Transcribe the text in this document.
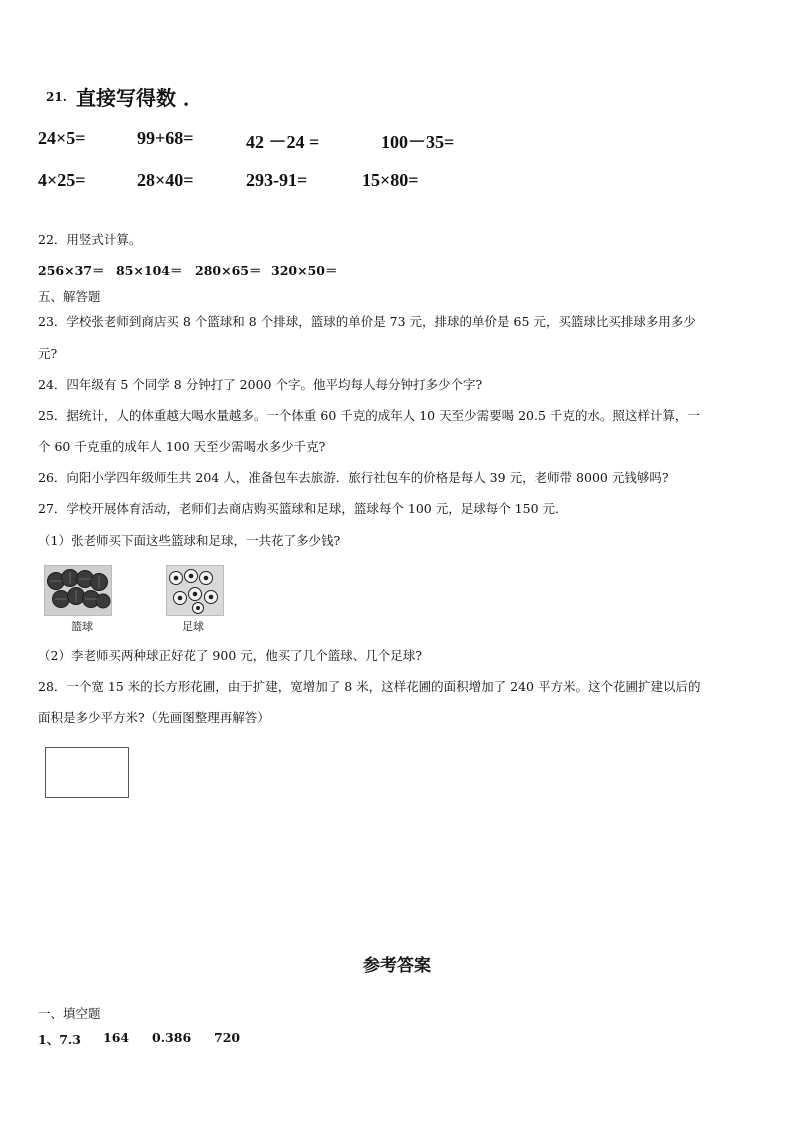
21. 直接写得数 ．
24×5=	99+68=	42 －24 =	100－35=
4×25=	28×40=	293-91=	15×80=
22．用竖式计算。
256×37＝ 85×104＝ 280×65＝ 320×50＝
五、解答题
23．学校张老师到商店买 8 个篮球和 8 个排球，篮球的单价是 73 元，排球的单价是 65 元，买篮球比买排球多用多少
元?
24．四年级有 5 个同学 8 分钟打了 2000 个字。他平均每人每分钟打多少个字?
25．据统计，人的体重越大喝水量越多。一个体重 60 千克的成年人 10 天至少需要喝 20.5 千克的水。照这样计算，一
个 60 千克重的成年人 100 天至少需喝水多少千克?
26．向阳小学四年级师生共 204 人，准备包车去旅游．旅行社包车的价格是每人 39 元，老师带 8000 元钱够吗?
27．学校开展体育活动，老师们去商店购买篮球和足球，篮球每个 100 元，足球每个 150 元．
（1）张老师买下面这些篮球和足球，一共花了多少钱?
篮球	足球
（2）李老师买两种球正好花了 900 元，他买了几个篮球、几个足球?
28．一个宽 15 米的长方形花圃，由于扩建，宽增加了 8 米，这样花圃的面积增加了 240 平方米。这个花圃扩建以后的
面积是多少平方米?（先画图整理再解答）
参考答案
一、填空题
1、7.3 164 0.386 720
